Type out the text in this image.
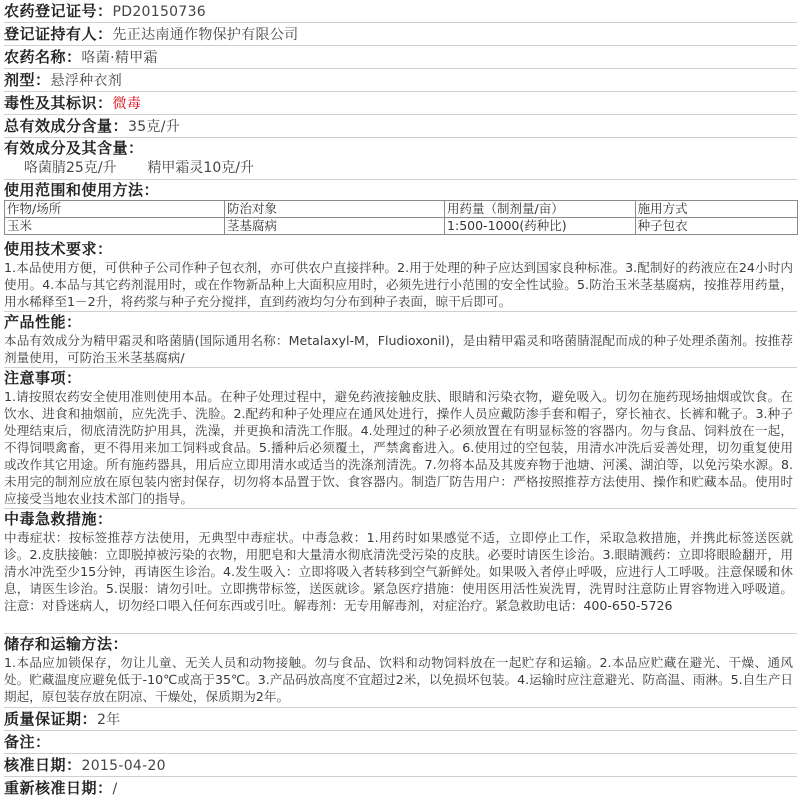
农药登记证号：PD20150736
登记证持有人：先正达南通作物保护有限公司
农药名称：咯菌·精甲霜
剂型：悬浮种衣剂
毒性及其标识：微毒
总有效成分含量：35克/升
有效成分及其含量：
咯菌腈25克/升 精甲霜灵10克/升
使用范围和使用方法：
作物/场所	防治对象	用药量（制剂量/亩）	施用方式
玉米	茎基腐病	1:500-1000(药种比)	种子包衣
使用技术要求：
1.本品使用方便，可供种子公司作种子包衣剂，亦可供农户直接拌种。2.用于处理的种子应达到国家良种标准。3.配制好的药液应在24小时内使用。4.本品与其它药剂混用时，或在作物新品种上大面积应用时，必须先进行小范围的安全性试验。5.防治玉米茎基腐病，按推荐用药量，用水稀释至1－2升，将药浆与种子充分搅拌，直到药液均匀分布到种子表面，晾干后即可。
产品性能：
本品有效成分为精甲霜灵和咯菌腈(国际通用名称：Metalaxyl-M，Fludioxonil)，是由精甲霜灵和咯菌腈混配而成的种子处理杀菌剂。按推荐剂量使用，可防治玉米茎基腐病/
注意事项：
1.请按照农药安全使用准则使用本品。在种子处理过程中，避免药液接触皮肤、眼睛和污染衣物，避免吸入。切勿在施药现场抽烟或饮食。在饮水、进食和抽烟前，应先洗手、洗脸。2.配药和种子处理应在通风处进行，操作人员应戴防渗手套和帽子，穿长袖衣、长裤和靴子。3.种子处理结束后，彻底清洗防护用具，洗澡，并更换和清洗工作服。4.处理过的种子必须放置在有明显标签的容器内。勿与食品、饲料放在一起，不得饲喂禽畜，更不得用来加工饲料或食品。5.播种后必须覆土，严禁禽畜进入。6.使用过的空包装，用清水冲洗后妥善处理，切勿重复使用或改作其它用途。所有施药器具，用后应立即用清水或适当的洗涤剂清洗。7.勿将本品及其废弃物于池塘、河溪、湖泊等，以免污染水源。8.未用完的制剂应放在原包装内密封保存，切勿将本品置于饮、食容器内。制造厂防告用户：严格按照推荐方法使用、操作和贮藏本品。使用时应接受当地农业技术部门的指导。
中毒急救措施：
中毒症状：按标签推荐方法使用，无典型中毒症状。中毒急救：1.用药时如果感觉不适，立即停止工作，采取急救措施，并携此标签送医就诊。2.皮肤接触：立即脱掉被污染的衣物，用肥皂和大量清水彻底清洗受污染的皮肤。必要时请医生诊治。3.眼睛溅药：立即将眼睑翻开，用清水冲洗至少15分钟，再请医生诊治。4.发生吸入：立即将吸入者转移到空气新鲜处。如果吸入者停止呼吸，应进行人工呼吸。注意保暖和休息，请医生诊治。5.误服：请勿引吐。立即携带标签，送医就诊。紧急医疗措施：使用医用活性炭洗胃，洗胃时注意防止胃容物进入呼吸道。注意：对昏迷病人，切勿经口喂入任何东西或引吐。解毒剂：无专用解毒剂，对症治疗。紧急救助电话：400-650-5726
储存和运输方法：
1.本品应加锁保存，勿让儿童、无关人员和动物接触。勿与食品、饮料和动物饲料放在一起贮存和运输。2.本品应贮藏在避光、干燥、通风处。贮藏温度应避免低于-10℃或高于35℃。3.产品码放高度不宜超过2米，以免损坏包装。4.运输时应注意避光、防高温、雨淋。5.自生产日期起，原包装存放在阴凉、干燥处，保质期为2年。
质量保证期：2年
备注：
核准日期：2015-04-20
重新核准日期：/
